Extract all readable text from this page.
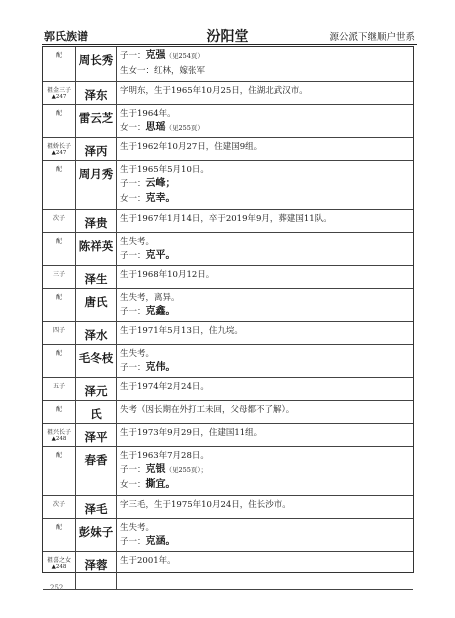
郭氏族谱	汾阳堂	源公派下继顺户世系
配	周长秀	子一：克强（见254页）
生女一：红林，嫁张军

祖金三子
▲247	泽东	字明东，生于1965年10月25日，住湖北武汉市。

配	雷云芝	生于1964年。
女一：思瑶（见255页）

祖娇长子
▲247	泽丙	生于1962年10月27日，住建国9组。

配	周月秀	生于1965年5月10日。
子一：云峰；
女一：克幸。

次子	泽贵	生于1967年1月14日，卒于2019年9月，葬建国11队。

配	陈祥英	生失考。
子一：克平。

三子	泽生	生于1968年10月12日。

配	唐氏	生失考，离异。
子一：克鑫。

四子	泽水	生于1971年5月13日，住九垸。

配	毛冬枝	生失考。
子一：克伟。

五子	泽元	生于1974年2月24日。

配	氏	失考（因长期在外打工未回，父母都不了解）。

祖兴长子
▲248	泽平	生于1973年9月29日，住建国11组。

配	春香	生于1963年7月28日。
子一：克银（见255页）；
女一：撕宜。

次子	泽毛	字三毛，生于1975年10月24日，住长沙市。

配	彭妹子	生失考。
子一：克涵。

祖喜之女
▲248	泽蓉	生于2001年。
252
